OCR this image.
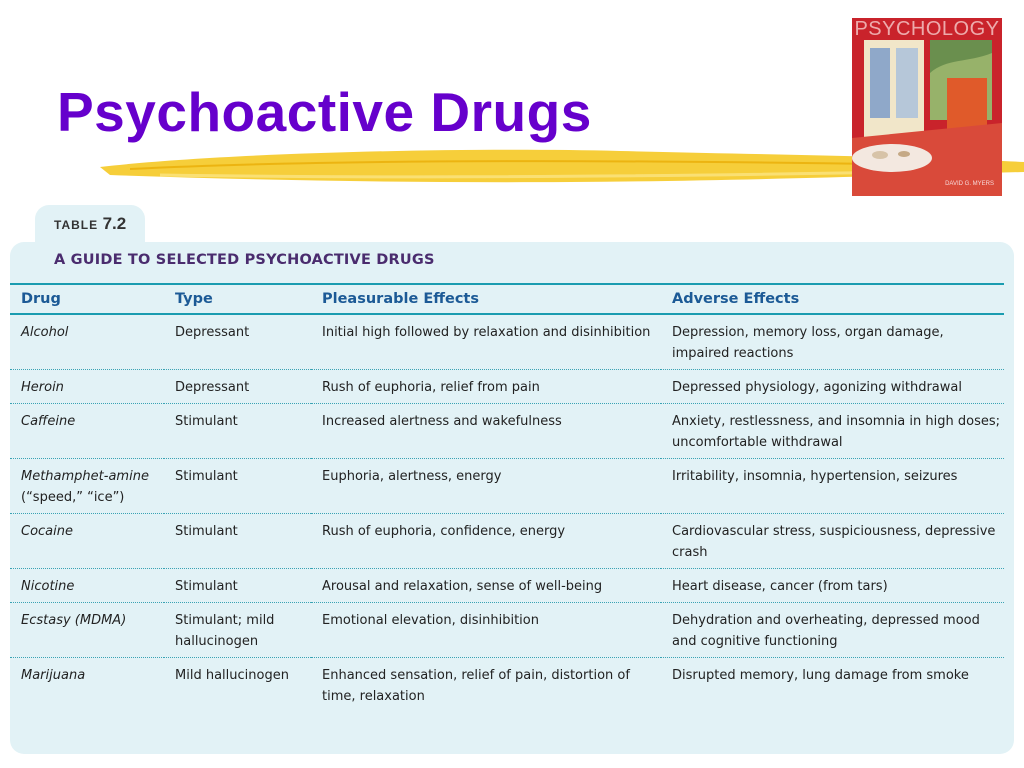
Psychoactive Drugs
PSYCHOLOGY
DAVID G. MYERS
TABLE 7.2
A GUIDE TO SELECTED PSYCHOACTIVE DRUGS
Drug	Type	Pleasurable Effects	Adverse Effects
Alcohol	Depressant	Initial high followed by relaxation and disinhibition	Depression, memory loss, organ damage, impaired reactions
Heroin	Depressant	Rush of euphoria, relief from pain	Depressed physiology, agonizing withdrawal
Caffeine	Stimulant	Increased alertness and wakefulness	Anxiety, restlessness, and insomnia in high doses; uncomfortable withdrawal
Methamphet-amine (“speed,” “ice”)	Stimulant	Euphoria, alertness, energy	Irritability, insomnia, hypertension, seizures
Cocaine	Stimulant	Rush of euphoria, confidence, energy	Cardiovascular stress, suspiciousness, depressive crash
Nicotine	Stimulant	Arousal and relaxation, sense of well-being	Heart disease, cancer (from tars)
Ecstasy (MDMA)	Stimulant; mild hallucinogen	Emotional elevation, disinhibition	Dehydration and overheating, depressed mood and cognitive functioning
Marijuana	Mild hallucinogen	Enhanced sensation, relief of pain, distortion of time, relaxation	Disrupted memory, lung damage from smoke
